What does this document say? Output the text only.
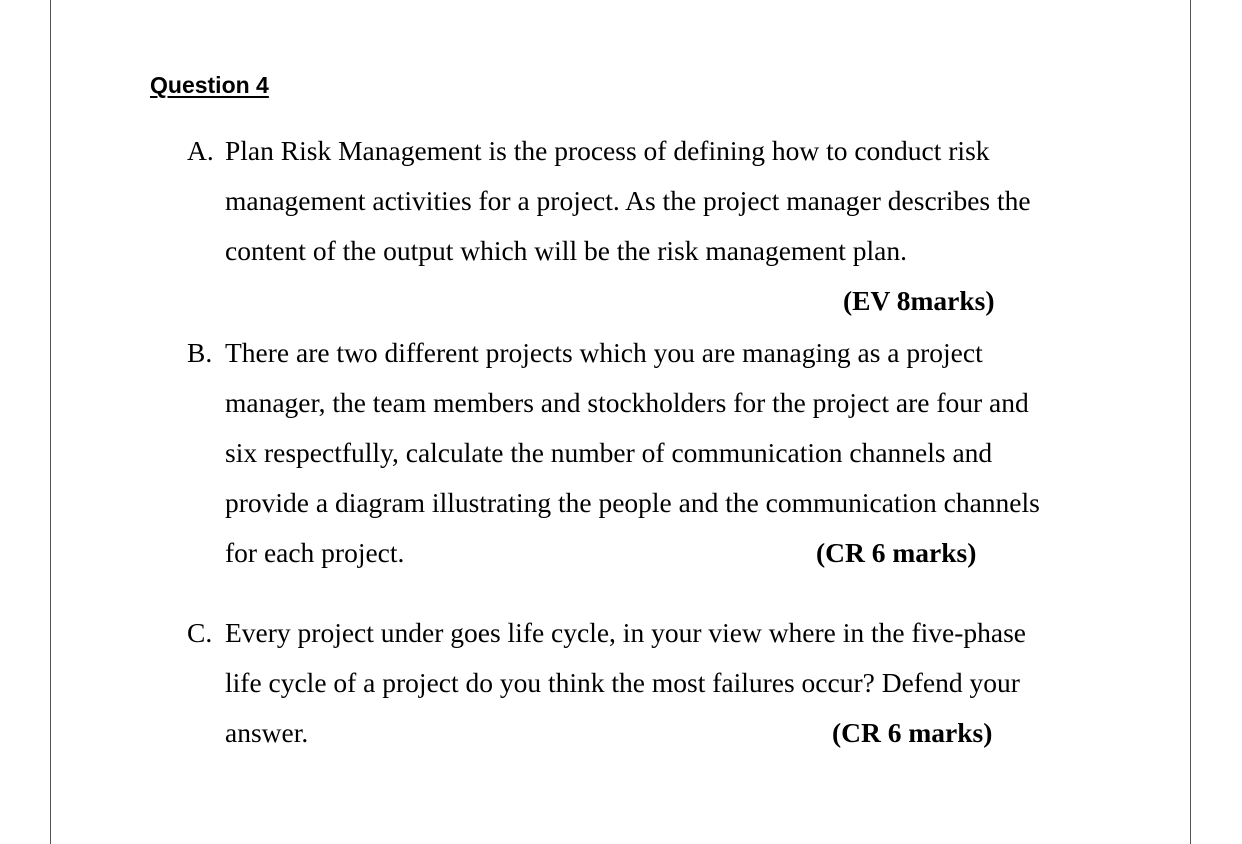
Question 4
A. Plan Risk Management is the process of defining how to conduct risk
management activities for a project. As the project manager describes the
content of the output which will be the risk management plan.
(EV 8marks)
B. There are two different projects which you are managing as a project
manager, the team members and stockholders for the project are four and
six respectfully, calculate the number of communication channels and
provide a diagram illustrating the people and the communication channels
for each project.	(CR 6 marks)
C. Every project under goes life cycle, in your view where in the five-phase
life cycle of a project do you think the most failures occur? Defend your
answer.	(CR 6 marks)
